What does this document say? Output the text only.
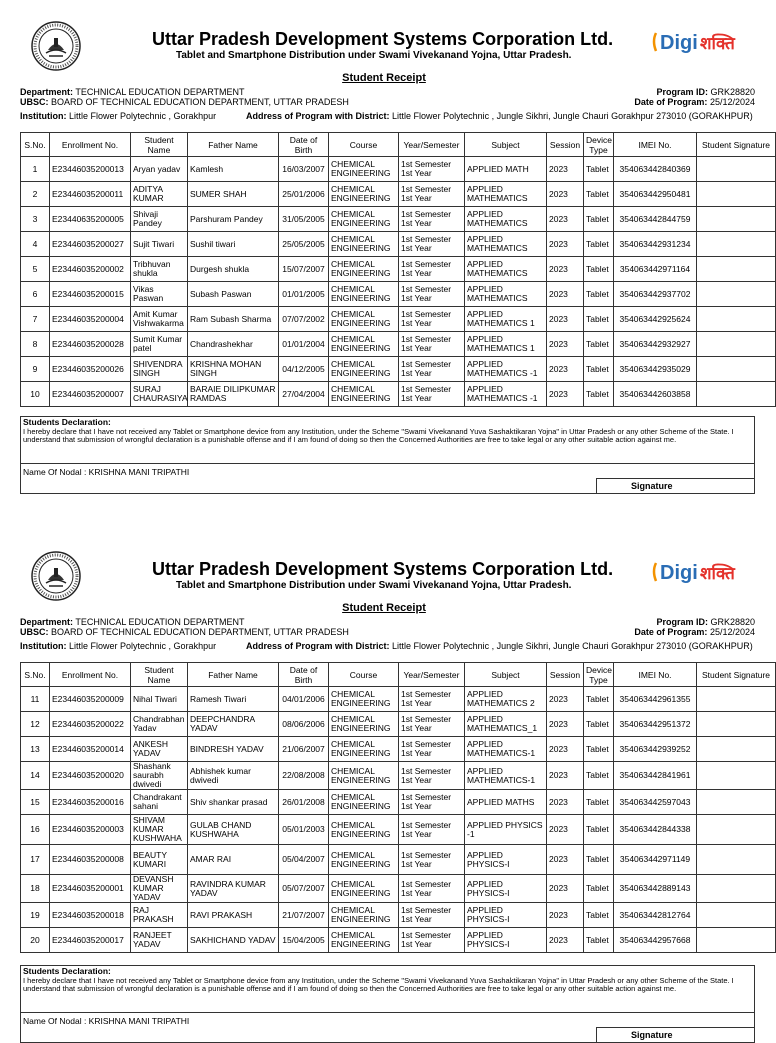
Uttar Pradesh Development Systems Corporation Ltd.
Tablet and Smartphone Distribution under Swami Vivekanand Yojna, Uttar Pradesh.
Digi शक्ति
Student Receipt
Department: TECHNICAL EDUCATION DEPARTMENT	Program ID: GRK28820
UBSC: BOARD OF TECHNICAL EDUCATION DEPARTMENT, UTTAR PRADESH	Date of Program: 25/12/2024
Institution: Little Flower Polytechnic , Gorakhpur	Address of Program with District: Little Flower Polytechnic , Jungle Sikhri, Jungle Chauri Gorakhpur 273010 (GORAKHPUR)
S.No.	Enrollment No.	Student Name	Father Name	Date of Birth	Course	Year/Semester	Subject	Session	Device Type	IMEI No.	Student Signature
1	E23446035200013	Aryan yadav	Kamlesh	16/03/2007	CHEMICAL ENGINEERING	1st Semester 1st Year	APPLIED MATH	2023	Tablet	354063442840369	
2	E23446035200011	ADITYA KUMAR	SUMER SHAH	25/01/2006	CHEMICAL ENGINEERING	1st Semester 1st Year	APPLIED MATHEMATICS	2023	Tablet	354063442950481	
3	E23440635200005	Shivaji Pandey	Parshuram Pandey	31/05/2005	CHEMICAL ENGINEERING	1st Semester 1st Year	APPLIED MATHEMATICS	2023	Tablet	354063442844759	
4	E23446035200027	Sujit Tiwari	Sushil tiwari	25/05/2005	CHEMICAL ENGINEERING	1st Semester 1st Year	APPLIED MATHEMATICS	2023	Tablet	354063442931234	
5	E23446035200002	Tribhuvan shukla	Durgesh shukla	15/07/2007	CHEMICAL ENGINEERING	1st Semester 1st Year	APPLIED MATHEMATICS	2023	Tablet	354063442971164	
6	E23446035200015	Vikas Paswan	Subash Paswan	01/01/2005	CHEMICAL ENGINEERING	1st Semester 1st Year	APPLIED MATHEMATICS	2023	Tablet	354063442937702	
7	E23446035200004	Amit Kumar Vishwakarma	Ram Subash Sharma	07/07/2002	CHEMICAL ENGINEERING	1st Semester 1st Year	APPLIED MATHEMATICS 1	2023	Tablet	354063442925624	
8	E23446035200028	Sumit Kumar patel	Chandrashekhar	01/01/2004	CHEMICAL ENGINEERING	1st Semester 1st Year	APPLIED MATHEMATICS 1	2023	Tablet	354063442932927	
9	E23446035200026	SHIVENDRA SINGH	KRISHNA MOHAN SINGH	04/12/2005	CHEMICAL ENGINEERING	1st Semester 1st Year	APPLIED MATHEMATICS -1	2023	Tablet	354063442935029	
10	E23446035200007	SURAJ CHAURASIYA	BARAIE DILIPKUMAR RAMDAS	27/04/2004	CHEMICAL ENGINEERING	1st Semester 1st Year	APPLIED MATHEMATICS -1	2023	Tablet	354063442603858	
Students Declaration:
I hereby declare that I have not received any Tablet or Smartphone device from any Institution, under the Scheme "Swami Vivekanand Yuva Sashaktikaran Yojna" in Uttar Pradesh or any other Scheme of the State. I understand that submission of wrongful declaration is a punishable offense and if I am found of doing so then the Concerned Authorities are free to take legal or any other suitable action against me.
Name Of Nodal : KRISHNA MANI TRIPATHI
Signature
Uttar Pradesh Development Systems Corporation Ltd.
Tablet and Smartphone Distribution under Swami Vivekanand Yojna, Uttar Pradesh.
Digi शक्ति
Student Receipt
Department: TECHNICAL EDUCATION DEPARTMENT	Program ID: GRK28820
UBSC: BOARD OF TECHNICAL EDUCATION DEPARTMENT, UTTAR PRADESH	Date of Program: 25/12/2024
Institution: Little Flower Polytechnic , Gorakhpur	Address of Program with District: Little Flower Polytechnic , Jungle Sikhri, Jungle Chauri Gorakhpur 273010 (GORAKHPUR)
S.No.	Enrollment No.	Student Name	Father Name	Date of Birth	Course	Year/Semester	Subject	Session	Device Type	IMEI No.	Student Signature
11	E23446035200009	Nihal Tiwari	Ramesh Tiwari	04/01/2006	CHEMICAL ENGINEERING	1st Semester 1st Year	APPLIED MATHEMATICS 2	2023	Tablet	354063442961355	
12	E23446035200022	Chandrabhan Yadav	DEEPCHANDRA YADAV	08/06/2006	CHEMICAL ENGINEERING	1st Semester 1st Year	APPLIED MATHEMATICS_1	2023	Tablet	354063442951372	
13	E23446035200014	ANKESH YADAV	BINDRESH YADAV	21/06/2007	CHEMICAL ENGINEERING	1st Semester 1st Year	APPLIED MATHEMATICS-1	2023	Tablet	354063442939252	
14	E23446035200020	Shashank saurabh dwivedi	Abhishek kumar dwivedi	22/08/2008	CHEMICAL ENGINEERING	1st Semester 1st Year	APPLIED MATHEMATICS-1	2023	Tablet	354063442841961	
15	E23446035200016	Chandrakant sahani	Shiv shankar prasad	26/01/2008	CHEMICAL ENGINEERING	1st Semester 1st Year	APPLIED MATHS	2023	Tablet	354063442597043	
16	E23446035200003	SHIVAM KUMAR KUSHWAHA	GULAB CHAND KUSHWAHA	05/01/2003	CHEMICAL ENGINEERING	1st Semester 1st Year	APPLIED PHYSICS -1	2023	Tablet	354063442844338	
17	E23446035200008	BEAUTY KUMARI	AMAR RAI	05/04/2007	CHEMICAL ENGINEERING	1st Semester 1st Year	APPLIED PHYSICS-I	2023	Tablet	354063442971149	
18	E23446035200001	DEVANSH KUMAR YADAV	RAVINDRA KUMAR YADAV	05/07/2007	CHEMICAL ENGINEERING	1st Semester 1st Year	APPLIED PHYSICS-I	2023	Tablet	354063442889143	
19	E23446035200018	RAJ PRAKASH	RAVI PRAKASH	21/07/2007	CHEMICAL ENGINEERING	1st Semester 1st Year	APPLIED PHYSICS-I	2023	Tablet	354063442812764	
20	E23446035200017	RANJEET YADAV	SAKHICHAND YADAV	15/04/2005	CHEMICAL ENGINEERING	1st Semester 1st Year	APPLIED PHYSICS-I	2023	Tablet	354063442957668	
Students Declaration:
I hereby declare that I have not received any Tablet or Smartphone device from any Institution, under the Scheme "Swami Vivekanand Yuva Sashaktikaran Yojna" in Uttar Pradesh or any other Scheme of the State. I understand that submission of wrongful declaration is a punishable offense and if I am found of doing so then the Concerned Authorities are free to take legal or any other suitable action against me.
Name Of Nodal : KRISHNA MANI TRIPATHI
Signature
